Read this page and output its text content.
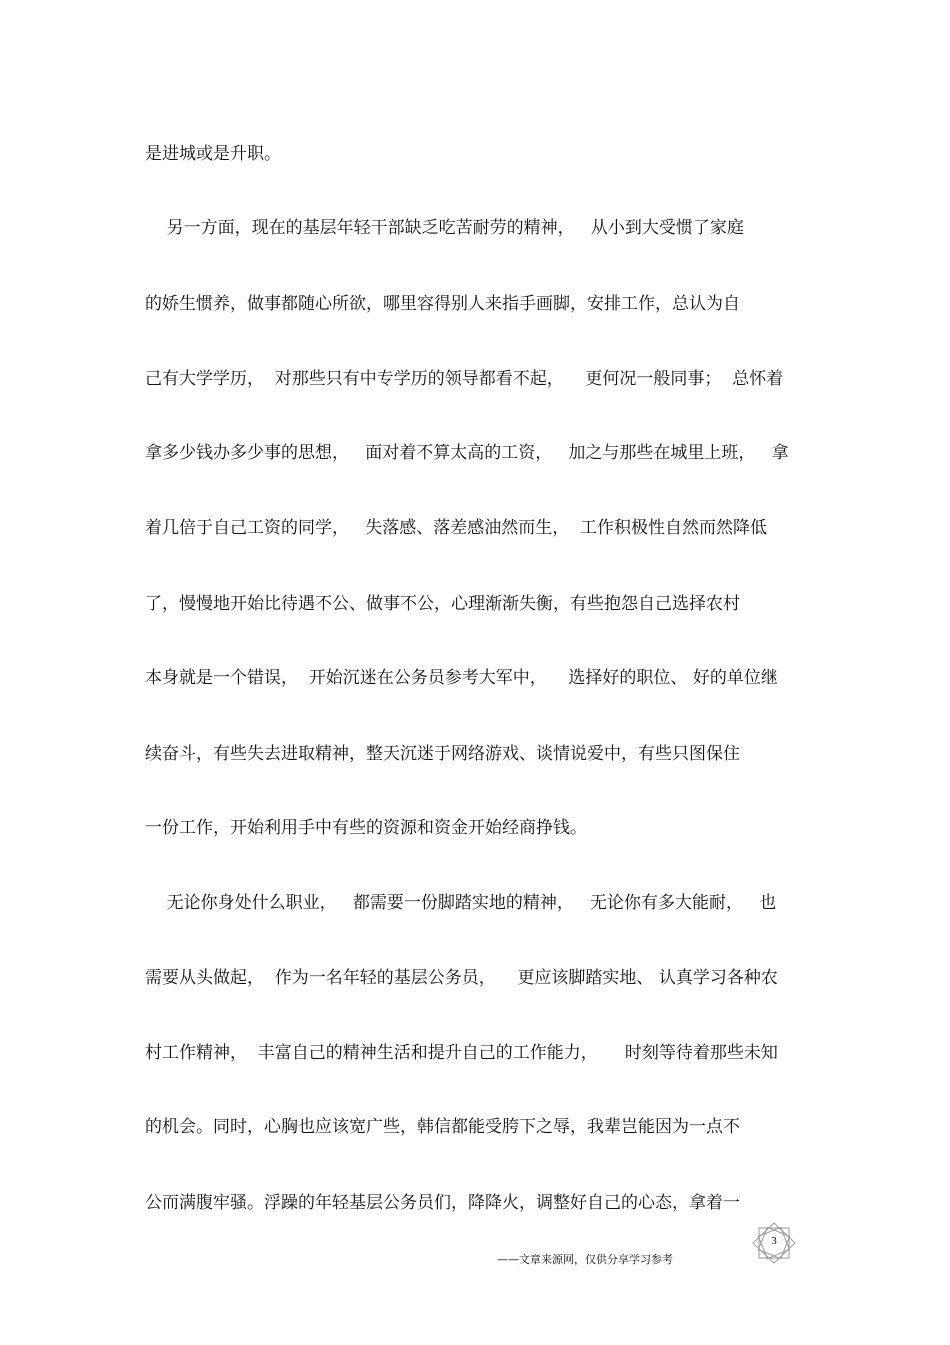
是进城或是升职。
另一方面，现在的基层年轻干部缺乏吃苦耐劳的精神，   从小到大受惯了家庭
的娇生惯养，做事都随心所欲，哪里容得别人来指手画脚，安排工作，总认为自
己有大学学历，  对那些只有中专学历的领导都看不起，    更何况一般同事；  总怀着
拿多少钱办多少事的思想，   面对着不算太高的工资，   加之与那些在城里上班，   拿
着几倍于自己工资的同学，   失落感、落差感油然而生，  工作积极性自然而然降低
了，慢慢地开始比待遇不公、做事不公，心理渐渐失衡，有些抱怨自己选择农村
本身就是一个错误，  开始沉迷在公务员参考大军中，    选择好的职位、 好的单位继
续奋斗，有些失去进取精神，整天沉迷于网络游戏、谈情说爱中，有些只图保住
一份工作，开始利用手中有些的资源和资金开始经商挣钱。
无论你身处什么职业，   都需要一份脚踏实地的精神，   无论你有多大能耐，   也
需要从头做起，  作为一名年轻的基层公务员，    更应该脚踏实地、 认真学习各种农
村工作精神，  丰富自己的精神生活和提升自己的工作能力，     时刻等待着那些未知
的机会。同时，心胸也应该宽广些，韩信都能受胯下之辱，我辈岂能因为一点不
公而满腹牢骚。浮躁的年轻基层公务员们，降降火，调整好自己的心态，拿着一
3
——文章来源网，仅供分享学习参考
